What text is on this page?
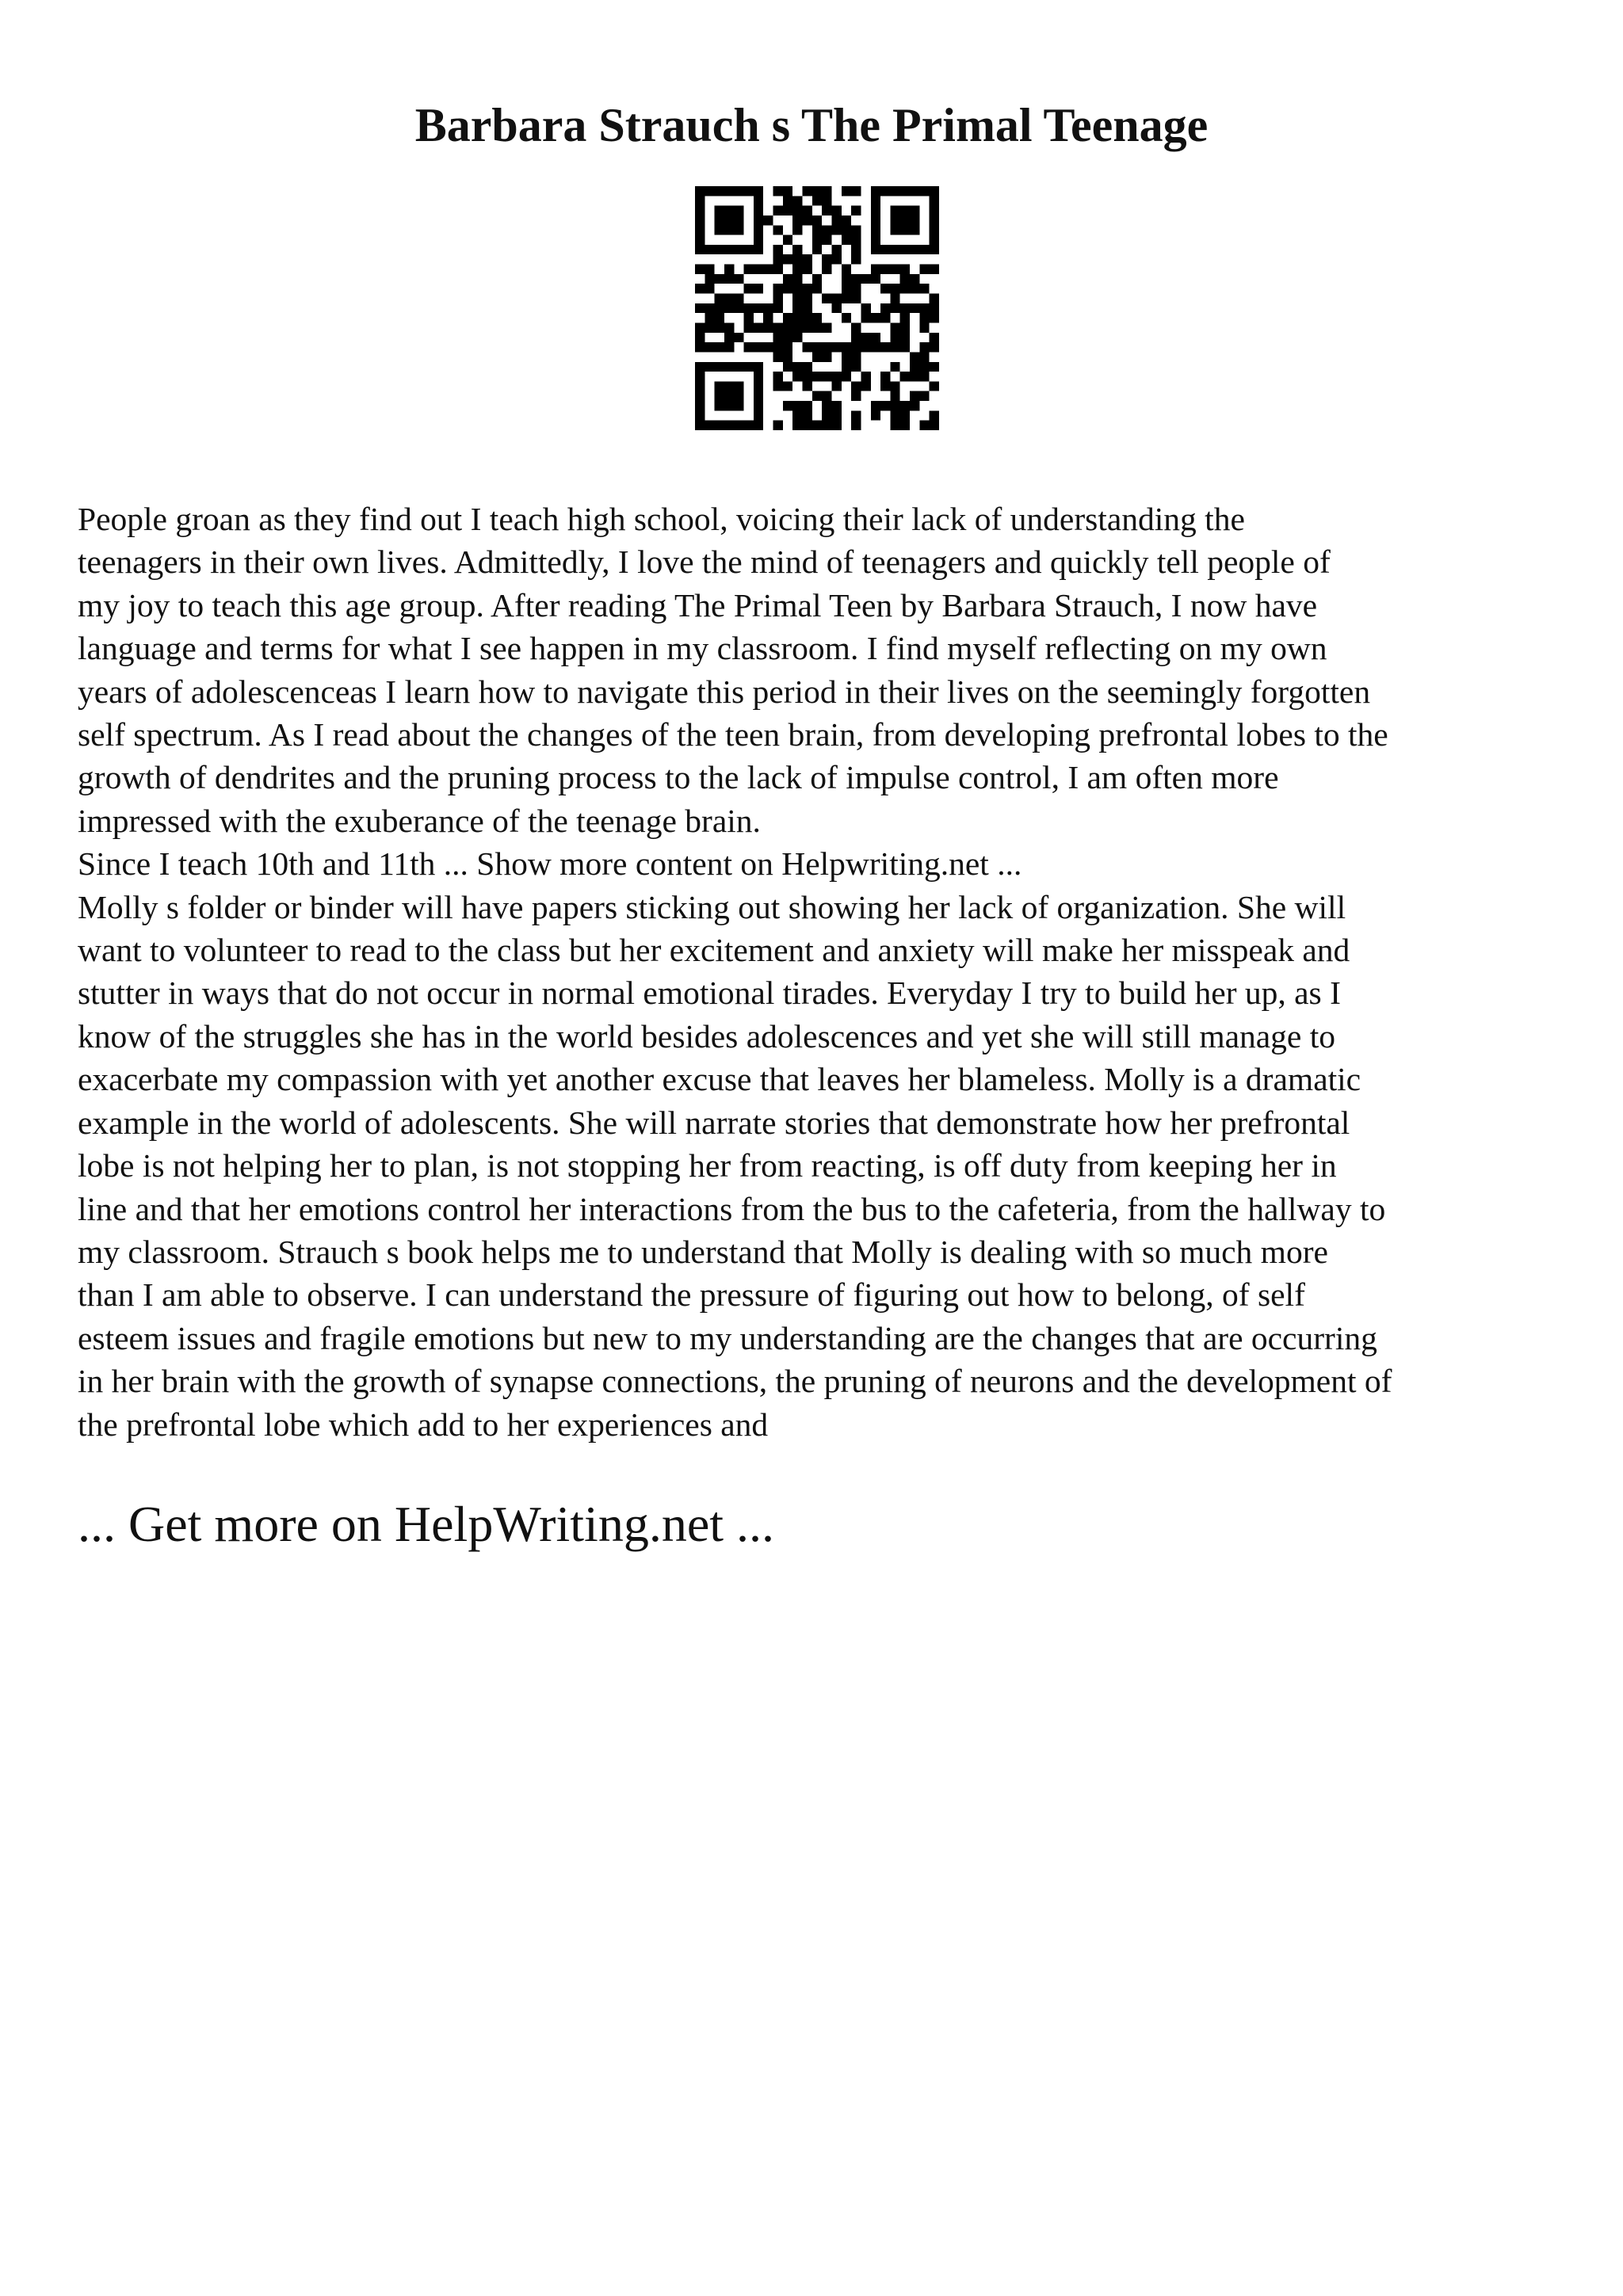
Barbara Strauch s The Primal Teenage

People groan as they find out I teach high school, voicing their lack of understanding the

teenagers in their own lives. Admittedly, I love the mind of teenagers and quickly tell people of

my joy to teach this age group. After reading The Primal Teen by Barbara Strauch, I now have

language and terms for what I see happen in my classroom. I find myself reflecting on my own

years of adolescenceas I learn how to navigate this period in their lives on the seemingly forgotten

self spectrum. As I read about the changes of the teen brain, from developing prefrontal lobes to the

growth of dendrites and the pruning process to the lack of impulse control, I am often more

impressed with the exuberance of the teenage brain.

Since I teach 10th and 11th ... Show more content on Helpwriting.net ...

Molly s folder or binder will have papers sticking out showing her lack of organization. She will

want to volunteer to read to the class but her excitement and anxiety will make her misspeak and

stutter in ways that do not occur in normal emotional tirades. Everyday I try to build her up, as I

know of the struggles she has in the world besides adolescences and yet she will still manage to

exacerbate my compassion with yet another excuse that leaves her blameless. Molly is a dramatic

example in the world of adolescents. She will narrate stories that demonstrate how her prefrontal

lobe is not helping her to plan, is not stopping her from reacting, is off duty from keeping her in

line and that her emotions control her interactions from the bus to the cafeteria, from the hallway to

my classroom. Strauch s book helps me to understand that Molly is dealing with so much more

than I am able to observe. I can understand the pressure of figuring out how to belong, of self

esteem issues and fragile emotions but new to my understanding are the changes that are occurring

in her brain with the growth of synapse connections, the pruning of neurons and the development of

the prefrontal lobe which add to her experiences and

... Get more on HelpWriting.net ...
